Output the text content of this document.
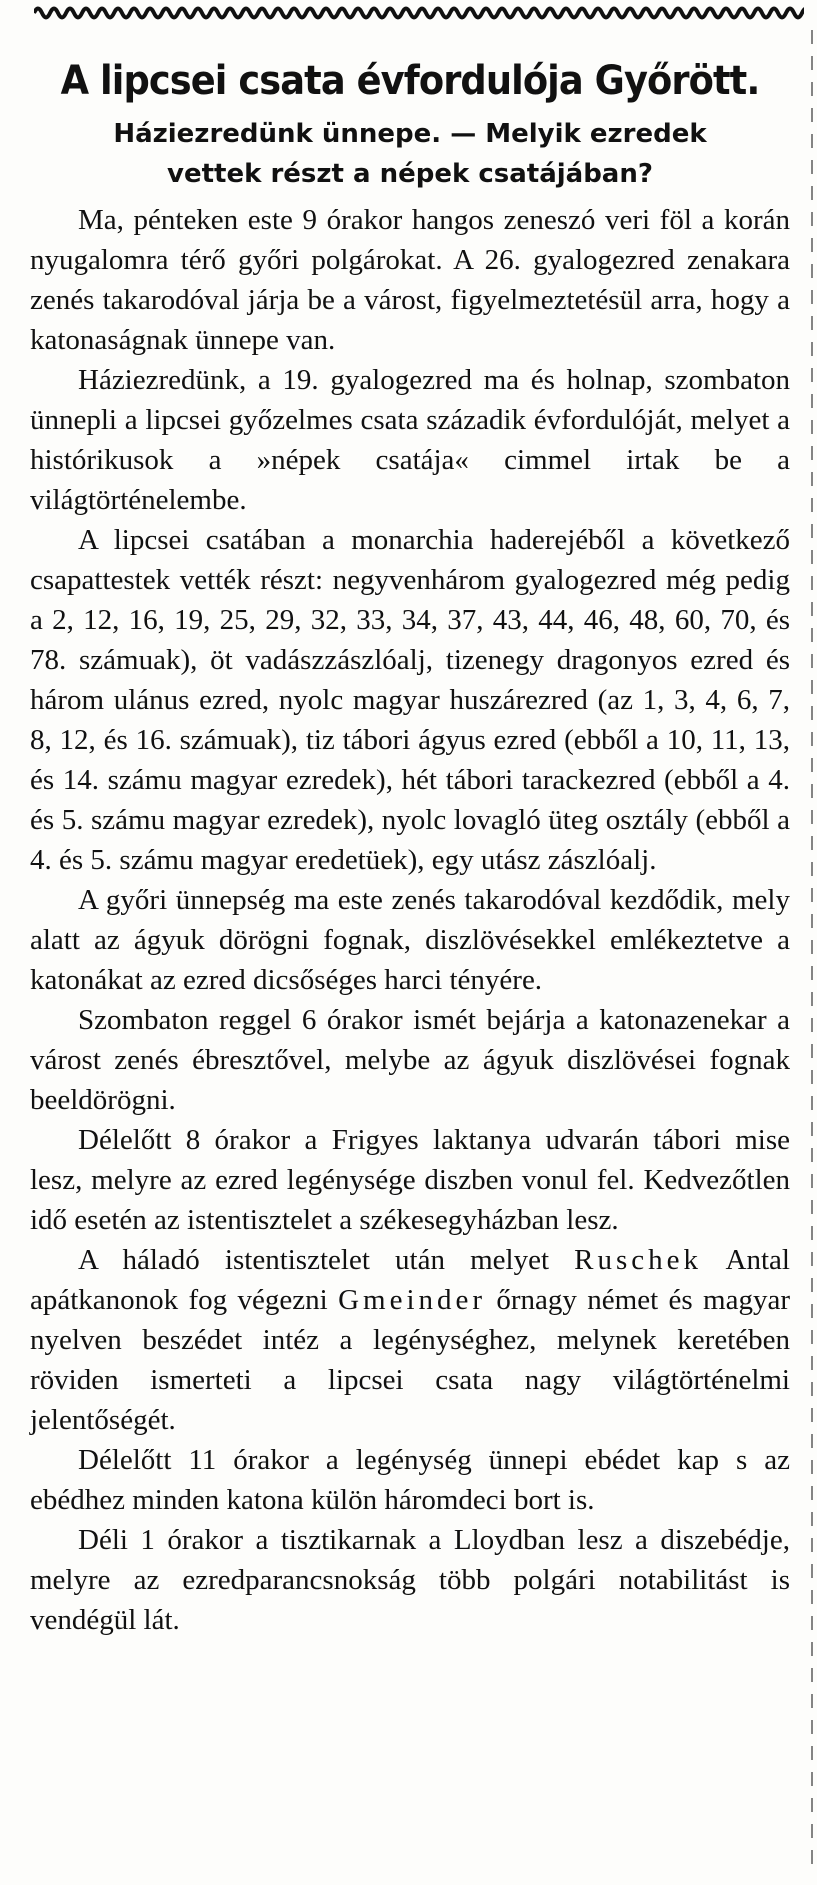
A lipcsei csata évfordulója Győrött.
Háziezredünk ünnepe. — Melyik ezredek
vettek részt a népek csatájában?

Ma, pénteken este 9 órakor hangos zeneszó veri föl a korán nyugalomra térő győri polgárokat. A 26. gyalogezred zenakara zenés takarodóval járja be a várost, figyelmeztetésül arra, hogy a katonaságnak ünnepe van.

Háziezredünk, a 19. gyalogezred ma és holnap, szombaton ünnepli a lipcsei győzelmes csata századik évfordulóját, melyet a histórikusok a »népek csatája« cimmel irtak be a világtörténelembe.

A lipcsei csatában a monarchia haderejéből a következő csapattestek vették részt: negyvenhárom gyalogezred még pedig a 2, 12, 16, 19, 25, 29, 32, 33, 34, 37, 43, 44, 46, 48, 60, 70, és 78. számuak), öt vadászzászlóalj, tizenegy dragonyos ezred és három ulánus ezred, nyolc magyar huszárezred (az 1, 3, 4, 6, 7, 8, 12, és 16. számuak), tiz tábori ágyus ezred (ebből a 10, 11, 13, és 14. számu magyar ezredek), hét tábori tarackezred (ebből a 4. és 5. számu magyar ezredek), nyolc lovagló üteg osztály (ebből a 4. és 5. számu magyar eredetüek), egy utász zászlóalj.

A győri ünnepség ma este zenés takarodóval kezdődik, mely alatt az ágyuk dörögni fognak, diszlövésekkel emlékeztetve a katonákat az ezred dicsőséges harci tényére.

Szombaton reggel 6 órakor ismét bejárja a katonazenekar a várost zenés ébresztővel, melybe az ágyuk diszlövései fognak beeldörögni.

Délelőtt 8 órakor a Frigyes laktanya udvarán tábori mise lesz, melyre az ezred legénysége diszben vonul fel. Kedvezőtlen idő esetén az istentisztelet a székesegyházban lesz.

A háladó istentisztelet után melyet Ruschek Antal apátkanonok fog végezni Gmeinder őrnagy német és magyar nyelven beszédet intéz a legénységhez, melynek keretében röviden ismerteti a lipcsei csata nagy világtörténelmi jelentőségét.

Délelőtt 11 órakor a legénység ünnepi ebédet kap s az ebédhez minden katona külön háromdeci bort is.

Déli 1 órakor a tisztikarnak a Lloydban lesz a diszebédje, melyre az ezredparancsnokság több polgári notabilitást is vendégül lát.
